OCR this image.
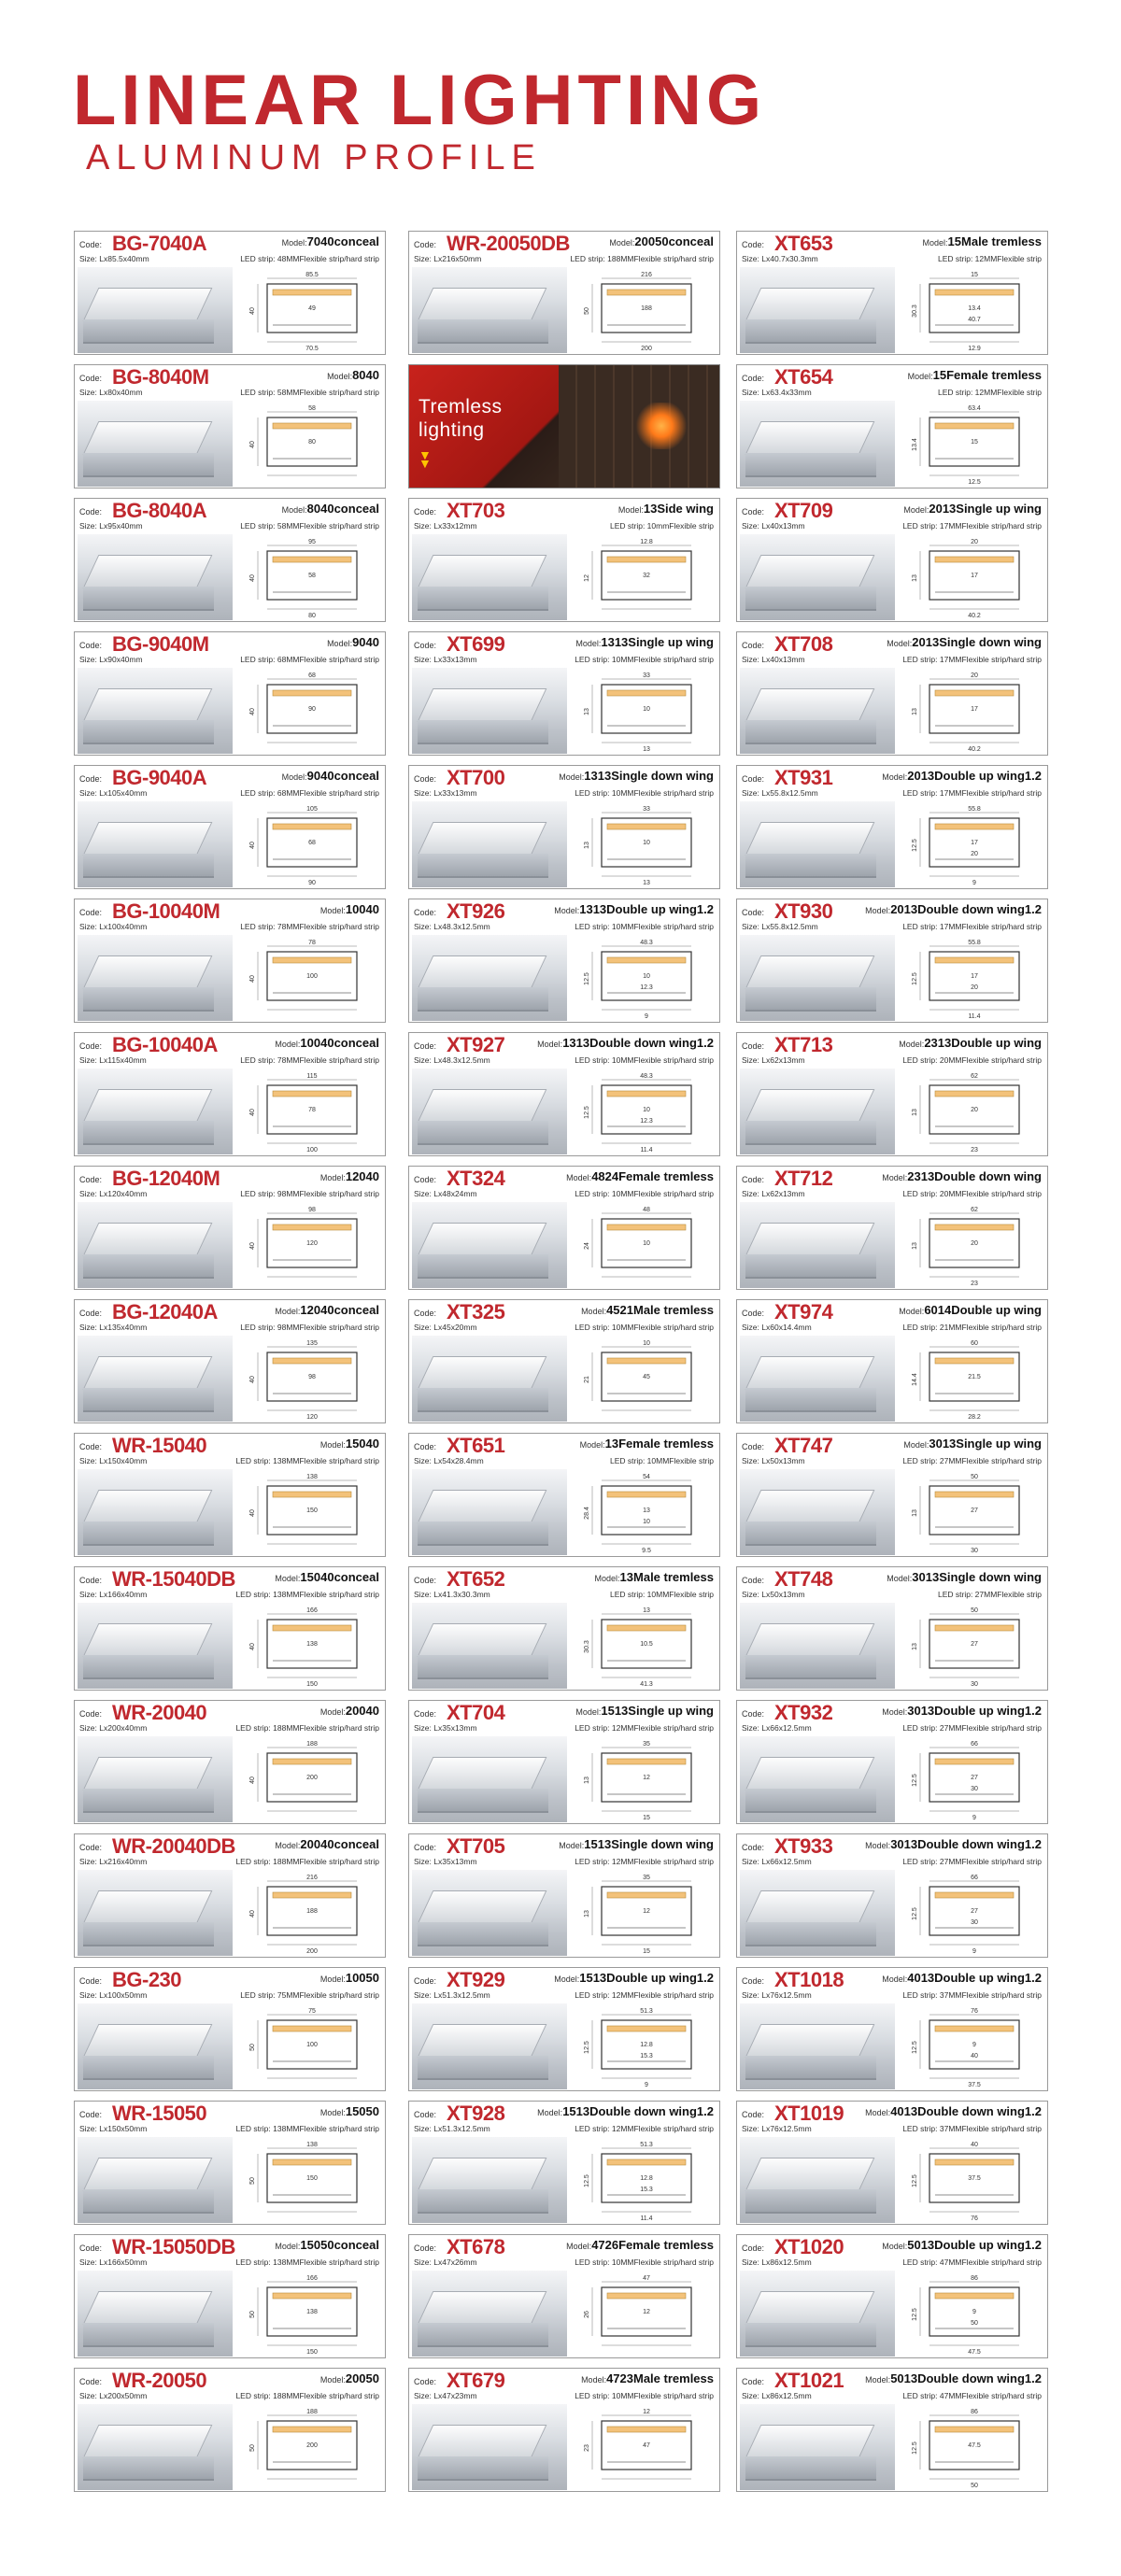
LINEAR LIGHTING
ALUMINUM PROFILE
Code: BG-7040A	Model:7040conceal
Size: Lx85.5x40mm	LED strip: 48MMFlexible strip/hard strip
85.5
49
70.5
40
Code: BG-8040M	Model:8040
Size: Lx80x40mm	LED strip: 58MMFlexible strip/hard strip
58
80
40
Code: BG-8040A	Model:8040conceal
Size: Lx95x40mm	LED strip: 58MMFlexible strip/hard strip
95
58
80
40
Code: BG-9040M	Model:9040
Size: Lx90x40mm	LED strip: 68MMFlexible strip/hard strip
68
90
40
Code: BG-9040A	Model:9040conceal
Size: Lx105x40mm	LED strip: 68MMFlexible strip/hard strip
105
68
90
40
Code: BG-10040M	Model:10040
Size: Lx100x40mm	LED strip: 78MMFlexible strip/hard strip
78
100
40
Code: BG-10040A	Model:10040conceal
Size: Lx115x40mm	LED strip: 78MMFlexible strip/hard strip
115
78
100
40
Code: BG-12040M	Model:12040
Size: Lx120x40mm	LED strip: 98MMFlexible strip/hard strip
98
120
40
Code: BG-12040A	Model:12040conceal
Size: Lx135x40mm	LED strip: 98MMFlexible strip/hard strip
135
98
120
40
Code: WR-15040	Model:15040
Size: Lx150x40mm	LED strip: 138MMFlexible strip/hard strip
138
150
40
Code: WR-15040DB	Model:15040conceal
Size: Lx166x40mm	LED strip: 138MMFlexible strip/hard strip
166
138
150
40
Code: WR-20040	Model:20040
Size: Lx200x40mm	LED strip: 188MMFlexible strip/hard strip
188
200
40
Code: WR-20040DB	Model:20040conceal
Size: Lx216x40mm	LED strip: 188MMFlexible strip/hard strip
216
188
200
40
Code: BG-230	Model:10050
Size: Lx100x50mm	LED strip: 75MMFlexible strip/hard strip
75
100
50
Code: WR-15050	Model:15050
Size: Lx150x50mm	LED strip: 138MMFlexible strip/hard strip
138
150
50
Code: WR-15050DB	Model:15050conceal
Size: Lx166x50mm	LED strip: 138MMFlexible strip/hard strip
166
138
150
50
Code: WR-20050	Model:20050
Size: Lx200x50mm	LED strip: 188MMFlexible strip/hard strip
188
200
50
Code: WR-20050DB	Model:20050conceal
Size: Lx216x50mm	LED strip: 188MMFlexible strip/hard strip
216
188
200
50
Tremless
lighting
▼
▼
Code: XT703	Model:13Side wing
Size: Lx33x12mm	LED strip: 10mmFlexible strip
12.8
32
12
Code: XT699	Model:1313Single up wing
Size: Lx33x13mm	LED strip: 10MMFlexible strip/hard strip
33
10
13
13
Code: XT700	Model:1313Single down wing
Size: Lx33x13mm	LED strip: 10MMFlexible strip/hard strip
33
10
13
13
Code: XT926	Model:1313Double up wing1.2
Size: Lx48.3x12.5mm	LED strip: 10MMFlexible strip/hard strip
48.3
10
9
12.3
12.5
Code: XT927	Model:1313Double down wing1.2
Size: Lx48.3x12.5mm	LED strip: 10MMFlexible strip/hard strip
48.3
10
11.4
12.3
12.5
Code: XT324	Model:4824Female tremless
Size: Lx48x24mm	LED strip: 10MMFlexible strip/hard strip
48
10
24
Code: XT325	Model:4521Male tremless
Size: Lx45x20mm	LED strip: 10MMFlexible strip/hard strip
10
45
21
Code: XT651	Model:13Female tremless
Size: Lx54x28.4mm	LED strip: 10MMFlexible strip
54
13
9.5
10
28.4
Code: XT652	Model:13Male tremless
Size: Lx41.3x30.3mm	LED strip: 10MMFlexible strip
13
10.5
41.3
30.3
Code: XT704	Model:1513Single up wing
Size: Lx35x13mm	LED strip: 12MMFlexible strip/hard strip
35
12
15
13
Code: XT705	Model:1513Single down wing
Size: Lx35x13mm	LED strip: 12MMFlexible strip/hard strip
35
12
15
13
Code: XT929	Model:1513Double up wing1.2
Size: Lx51.3x12.5mm	LED strip: 12MMFlexible strip/hard strip
51.3
12.8
9
15.3
12.5
Code: XT928	Model:1513Double down wing1.2
Size: Lx51.3x12.5mm	LED strip: 12MMFlexible strip/hard strip
51.3
12.8
11.4
15.3
12.5
Code: XT678	Model:4726Female tremless
Size: Lx47x26mm	LED strip: 10MMFlexible strip/hard strip
47
12
26
Code: XT679	Model:4723Male tremless
Size: Lx47x23mm	LED strip: 10MMFlexible strip/hard strip
12
47
23
Code: XT653	Model:15Male tremless
Size: Lx40.7x30.3mm	LED strip: 12MMFlexible strip
15
13.4
12.9
40.7
30.3
Code: XT654	Model:15Female tremless
Size: Lx63.4x33mm	LED strip: 12MMFlexible strip
63.4
15
12.5
13.4
Code: XT709	Model:2013Single up wing
Size: Lx40x13mm	LED strip: 17MMFlexible strip/hard strip
20
17
40.2
13
Code: XT708	Model:2013Single down wing
Size: Lx40x13mm	LED strip: 17MMFlexible strip/hard strip
20
17
40.2
13
Code: XT931	Model:2013Double up wing1.2
Size: Lx55.8x12.5mm	LED strip: 17MMFlexible strip/hard strip
55.8
17
9
20
12.5
Code: XT930	Model:2013Double down wing1.2
Size: Lx55.8x12.5mm	LED strip: 17MMFlexible strip/hard strip
55.8
17
11.4
20
12.5
Code: XT713	Model:2313Double up wing
Size: Lx62x13mm	LED strip: 20MMFlexible strip/hard strip
62
20
23
13
Code: XT712	Model:2313Double down wing
Size: Lx62x13mm	LED strip: 20MMFlexible strip/hard strip
62
20
23
13
Code: XT974	Model:6014Double up wing
Size: Lx60x14.4mm	LED strip: 21MMFlexible strip/hard strip
60
21.5
28.2
14.4
Code: XT747	Model:3013Single up wing
Size: Lx50x13mm	LED strip: 27MMFlexible strip/hard strip
50
27
30
13
Code: XT748	Model:3013Single down wing
Size: Lx50x13mm	LED strip: 27MMFlexible strip
50
27
30
13
Code: XT932	Model:3013Double up wing1.2
Size: Lx66x12.5mm	LED strip: 27MMFlexible strip/hard strip
66
27
9
30
12.5
Code: XT933	Model:3013Double down wing1.2
Size: Lx66x12.5mm	LED strip: 27MMFlexible strip/hard strip
66
27
9
30
12.5
Code: XT1018	Model:4013Double up wing1.2
Size: Lx76x12.5mm	LED strip: 37MMFlexible strip/hard strip
76
9
37.5
40
12.5
Code: XT1019	Model:4013Double down wing1.2
Size: Lx76x12.5mm	LED strip: 37MMFlexible strip/hard strip
40
37.5
76
12.5
Code: XT1020	Model:5013Double up wing1.2
Size: Lx86x12.5mm	LED strip: 47MMFlexible strip/hard strip
86
9
47.5
50
12.5
Code: XT1021	Model:5013Double down wing1.2
Size: Lx86x12.5mm	LED strip: 47MMFlexible strip/hard strip
86
47.5
50
12.5
